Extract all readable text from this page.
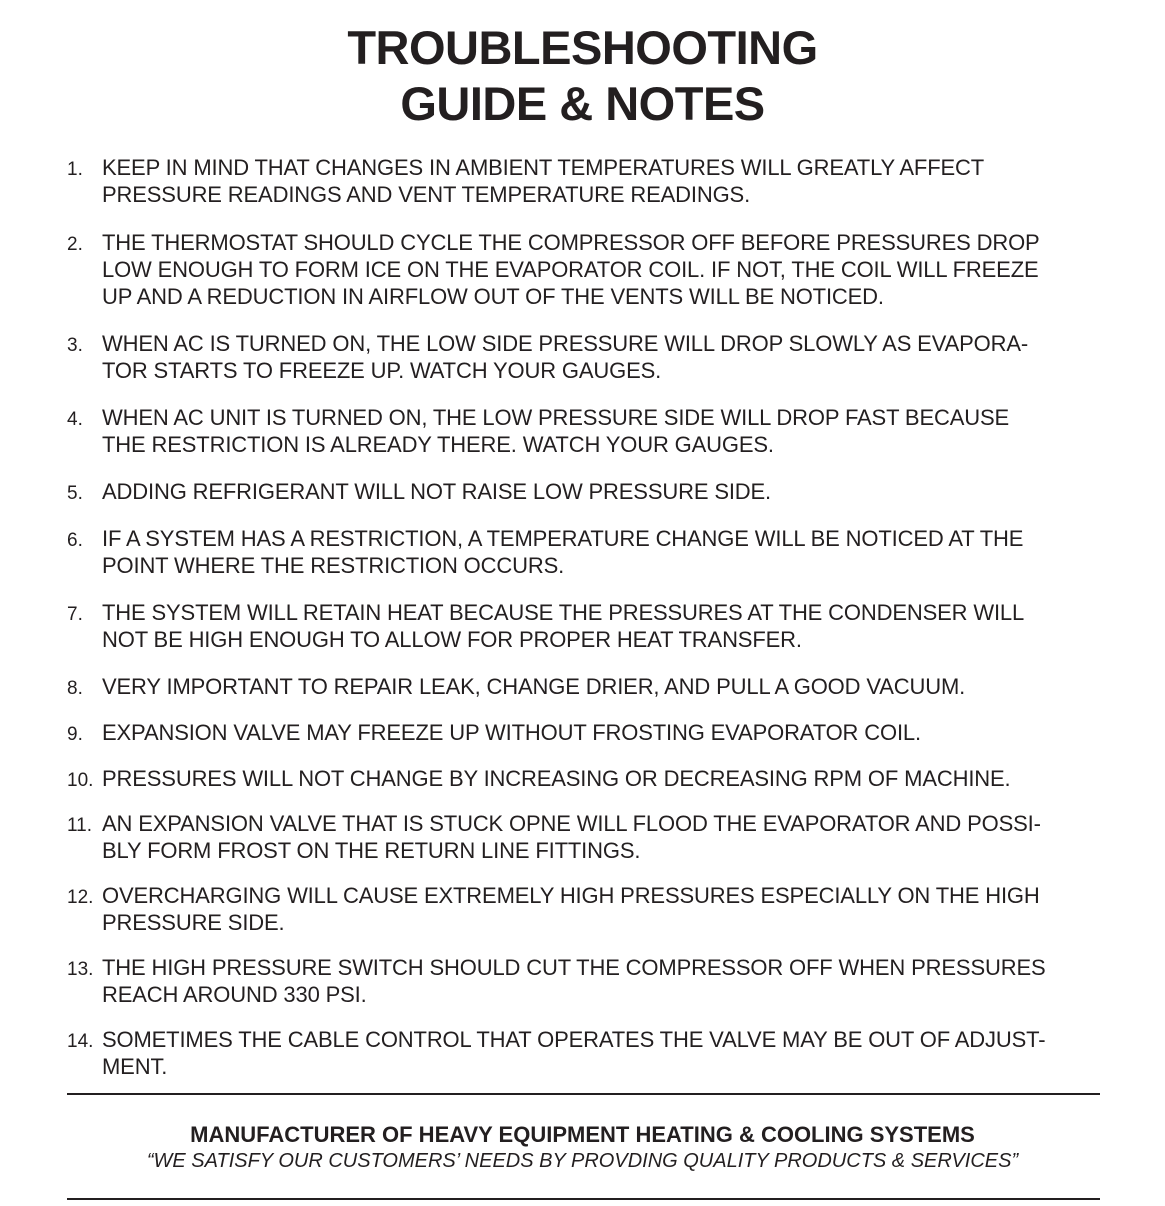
TROUBLESHOOTING
GUIDE & NOTES
1. KEEP IN MIND THAT CHANGES IN AMBIENT TEMPERATURES WILL GREATLY AFFECT
PRESSURE READINGS AND VENT TEMPERATURE READINGS.
2. THE THERMOSTAT SHOULD CYCLE THE COMPRESSOR OFF BEFORE PRESSURES DROP
LOW ENOUGH TO FORM ICE ON THE EVAPORATOR COIL. IF NOT, THE COIL WILL FREEZE
UP AND A REDUCTION IN AIRFLOW OUT OF THE VENTS WILL BE NOTICED.
3. WHEN AC IS TURNED ON, THE LOW SIDE PRESSURE WILL DROP SLOWLY AS EVAPORA-
TOR STARTS TO FREEZE UP. WATCH YOUR GAUGES.
4. WHEN AC UNIT IS TURNED ON, THE LOW PRESSURE SIDE WILL DROP FAST BECAUSE
THE RESTRICTION IS ALREADY THERE. WATCH YOUR GAUGES.
5. ADDING REFRIGERANT WILL NOT RAISE LOW PRESSURE SIDE.
6. IF A SYSTEM HAS A RESTRICTION, A TEMPERATURE CHANGE WILL BE NOTICED AT THE
POINT WHERE THE RESTRICTION OCCURS.
7. THE SYSTEM WILL RETAIN HEAT BECAUSE THE PRESSURES AT THE CONDENSER WILL
NOT BE HIGH ENOUGH TO ALLOW FOR PROPER HEAT TRANSFER.
8. VERY IMPORTANT TO REPAIR LEAK, CHANGE DRIER, AND PULL A GOOD VACUUM.
9. EXPANSION VALVE MAY FREEZE UP WITHOUT FROSTING EVAPORATOR COIL.
10. PRESSURES WILL NOT CHANGE BY INCREASING OR DECREASING RPM OF MACHINE.
11. AN EXPANSION VALVE THAT IS STUCK OPNE WILL FLOOD THE EVAPORATOR AND POSSI-
BLY FORM FROST ON THE RETURN LINE FITTINGS.
12. OVERCHARGING WILL CAUSE EXTREMELY HIGH PRESSURES ESPECIALLY ON THE HIGH
PRESSURE SIDE.
13. THE HIGH PRESSURE SWITCH SHOULD CUT THE COMPRESSOR OFF WHEN PRESSURES
REACH AROUND 330 PSI.
14. SOMETIMES THE CABLE CONTROL THAT OPERATES THE VALVE MAY BE OUT OF ADJUST-
MENT.
MANUFACTURER OF HEAVY EQUIPMENT HEATING & COOLING SYSTEMS
“WE SATISFY OUR CUSTOMERS’ NEEDS BY PROVDING QUALITY PRODUCTS & SERVICES”
